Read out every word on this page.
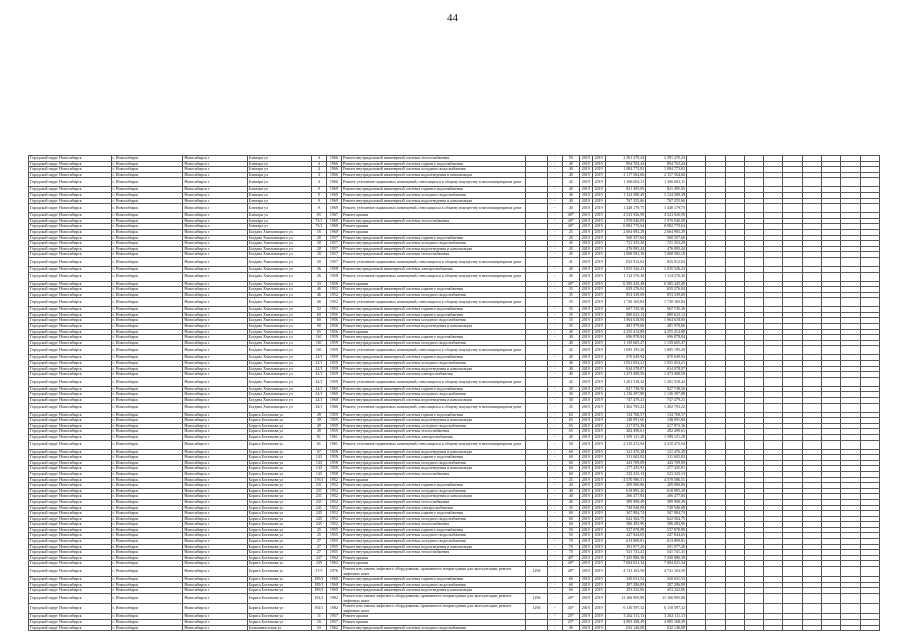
44
Городской округ Новосибирск	г. Новосибирск	Новосибирск г	Блюхера ул	4	1966	Ремонт внутридомовой инженерной системы теплоснабжения		-	50	2019	2019	2 391 270,24	2 391 270,24										
Городской округ Новосибирск	г. Новосибирск	Новосибирск г	Блюхера ул	4	1966	Ремонт внутридомовой инженерной системы горячего водоснабжения		-	40	2019	2019	894 703,44	894 703,44										
Городской округ Новосибирск	г. Новосибирск	Новосибирск г	Блюхера ул	4	1966	Ремонт внутридомовой инженерной системы холодного водоснабжения		-	40	2019	2019	1 084 775,82	1 084 775,82										
Городской округ Новосибирск	г. Новосибирск	Новосибирск г	Блюхера ул	4	1966	Ремонт внутридомовой инженерной системы водоотведения и канализации		-	40	2019	2019	2 117 564,66	2 117 564,66										
Городской округ Новосибирск	г. Новосибирск	Новосибирск г	Блюхера ул	4	1966	Ремонт, утепление подвальных помещений, относящихся к общему имуществу в многоквартирном доме		-	42	2019	2019	1 366 602,11	1 366 602,11										
Городской округ Новосибирск	г. Новосибирск	Новосибирск г	Блюхера ул	9	1969	Ремонт внутридомовой инженерной системы горячего водоснабжения		-	40	2019	2019	821 495,05	821 495,05										
Городской округ Новосибирск	г. Новосибирск	Новосибирск г	Блюхера ул	9	1969	Ремонт внутридомовой инженерной системы холодного водоснабжения		-	40	2019	2019	1 124 588,49	1 124 588,49										
Городской округ Новосибирск	г. Новосибирск	Новосибирск г	Блюхера ул	9	1969	Ремонт внутридомовой инженерной системы водоотведения и канализации		-	40	2019	2019	767 255,66	767 255,66										
Городской округ Новосибирск	г. Новосибирск	Новосибирск г	Блюхера ул	9	1969	Ремонт, утепление подвальных помещений, относящихся к общему имуществу в многоквартирном доме		-	40	2019	2019	1 448 179,75	1 448 179,75										
Городской округ Новосибирск	г. Новосибирск	Новосибирск г	Блюхера ул	65	1967	Ремонт крыши		-	40*	2019	2019	4 523 926,99	4 523 926,99										
Городской округ Новосибирск	г. Новосибирск	Новосибирск г	Блюхера ул	73/1	1968	Ремонт внутридомовой инженерной системы теплоснабжения		-	40*	2019	2019	1 970 940,09	1 970 940,09										
Городской округ Новосибирск	г. Новосибирск	Новосибирск г	Блюхера ул	73/1	1968	Ремонт крыши		-	40*	2019	2019	6 082 770,64	6 082 770,64										
Городской округ Новосибирск	г. Новосибирск	Новосибирск г	Богдана Хмельницкого ул	16	1960	Ремонт крыши		-	25	2019	2019	2 604 983,29	2 604 983,29										
Городской округ Новосибирск	г. Новосибирск	Новосибирск г	Богдана Хмельницкого ул	20	1957	Ремонт внутридомовой инженерной системы горячего водоснабжения		-	45	2019	2019	560 357,60	560 357,60										
Городской округ Новосибирск	г. Новосибирск	Новосибирск г	Богдана Хмельницкого ул	20	1957	Ремонт внутридомовой инженерной системы холодного водоснабжения		-	45	2019	2019	721 353,28	721 353,28										
Городской округ Новосибирск	г. Новосибирск	Новосибирск г	Богдана Хмельницкого ул	20	1957	Ремонт внутридомовой инженерной системы водоотведения и канализации		-	45	2019	2019	476 095,44	476 095,44										
Городской округ Новосибирск	г. Новосибирск	Новосибирск г	Богдана Хмельницкого ул	20	1957	Ремонт внутридомовой инженерной системы теплоснабжения		-	45	2019	2019	1 068 582,10	1 068 582,10										
Городской округ Новосибирск	г. Новосибирск	Новосибирск г	Богдана Хмельницкого ул	20	1957	Ремонт, утепление подвальных помещений, относящихся к общему имуществу в многоквартирном доме		-	41	2019	2019	825 912,63	825 912,63										
Городской округ Новосибирск	г. Новосибирск	Новосибирск г	Богдана Хмельницкого ул	26	1958	Ремонт внутридомовой инженерной системы электроснабжения		-	40	2019	2019	1 035 526,23	1 035 526,23										
Городской округ Новосибирск	г. Новосибирск	Новосибирск г	Богдана Хмельницкого ул	26	1958	Ремонт, утепление подвальных помещений, относящихся к общему имуществу в многоквартирном доме		-	40	2019	2019	1 114 576,30	1 114 576,30										
Городской округ Новосибирск	г. Новосибирск	Новосибирск г	Богдана Хмельницкого ул	33	1958	Ремонт крыши		-	40*	2019	2019	6 385 445,48	6 385 445,48										
Городской округ Новосибирск	г. Новосибирск	Новосибирск г	Богдана Хмельницкого ул	46	1952	Ремонт внутридомовой инженерной системы горячего водоснабжения		-	35	2019	2019	659 276,04	659 276,04										
Городской округ Новосибирск	г. Новосибирск	Новосибирск г	Богдана Хмельницкого ул	46	1952	Ремонт внутридомовой инженерной системы холодного водоснабжения		-	35	2019	2019	853 339,69	853 339,69										
Городской округ Новосибирск	г. Новосибирск	Новосибирск г	Богдана Хмельницкого ул	46	1952	Ремонт, утепление подвальных помещений, относящихся к общему имуществу в многоквартирном доме		-	35	2019	2019	1 730 165,84	1 730 165,84										
Городской округ Новосибирск	г. Новосибирск	Новосибирск г	Богдана Хмельницкого ул	52	1952	Ремонт внутридомовой инженерной системы горячего водоснабжения		-	35	2019	2019	667 745,36	667 745,36										
Городской округ Новосибирск	г. Новосибирск	Новосибирск г	Богдана Хмельницкого ул	60	1956	Ремонт внутридомовой инженерной системы горячего водоснабжения		-	35	2019	2019	880 623,14	880 623,14										
Городской округ Новосибирск	г. Новосибирск	Новосибирск г	Богдана Хмельницкого ул	60	1956	Ремонт внутридомовой инженерной системы холодного водоснабжения		-	35	2019	2019	1 064 618,00	1 064 618,00										
Городской округ Новосибирск	г. Новосибирск	Новосибирск г	Богдана Хмельницкого ул	60	1956	Ремонт внутридомовой инженерной системы водоотведения и канализации		-	35	2019	2019	481 979,06	481 979,06										
Городской округ Новосибирск	г. Новосибирск	Новосибирск г	Богдана Хмельницкого ул	65	1956	Ремонт крыши		-	40	2019	2019	4 255 414,88	4 255 414,88										
Городской округ Новосибирск	г. Новосибирск	Новосибирск г	Богдана Хмельницкого ул	161	1959	Ремонт внутридомовой инженерной системы горячего водоснабжения		-	40	2019	2019	696 878,84	696 878,84										
Городской округ Новосибирск	г. Новосибирск	Новосибирск г	Богдана Хмельницкого ул	161	1959	Ремонт внутридомовой инженерной системы холодного водоснабжения		-	40	2019	2019	1 139 605,47	1 139 605,47										
Городской округ Новосибирск	г. Новосибирск	Новосибирск г	Богдана Хмельницкого ул	161	1959	Ремонт, утепление подвальных помещений, относящихся к общему имуществу в многоквартирном доме		-	42	2019	2019	1 695 195,20	1 695 195,20										
Городской округ Новосибирск	г. Новосибирск	Новосибирск г	Богдана Хмельницкого ул	22/1	1959	Ремонт внутридомовой инженерной системы горячего водоснабжения		-	40	2019	2019	670 649,94	670 649,94										
Городской округ Новосибирск	г. Новосибирск	Новосибирск г	Богдана Хмельницкого ул	22/1	1959	Ремонт внутридомовой инженерной системы холодного водоснабжения		-	40	2019	2019	1 031 054,21	1 031 054,21										
Городской округ Новосибирск	г. Новосибирск	Новосибирск г	Богдана Хмельницкого ул	22/1	1959	Ремонт внутридомовой инженерной системы водоотведения и канализации		-	40	2019	2019	634 078,07	634 078,07										
Городской округ Новосибирск	г. Новосибирск	Новосибирск г	Богдана Хмельницкого ул	22/1	1959	Ремонт внутридомовой инженерной системы электроснабжения		-	40	2019	2019	1 473 408,50	1 473 408,50										
Городской округ Новосибирск	г. Новосибирск	Новосибирск г	Богдана Хмельницкого ул	22/1	1959	Ремонт, утепление подвальных помещений, относящихся к общему имуществу в многоквартирном доме		-	42	2019	2019	1 201 518,42	1 201 518,42										
Городской округ Новосибирск	г. Новосибирск	Новосибирск г	Богдана Хмельницкого ул	24/1	1960	Ремонт внутридомовой инженерной системы горячего водоснабжения		-	30	2019	2019	827 738,56	827 738,56										
Городской округ Новосибирск	г. Новосибирск	Новосибирск г	Богдана Хмельницкого ул	24/1	1960	Ремонт внутридомовой инженерной системы холодного водоснабжения		-	30	2019	2019	1 136 397,88	1 136 397,88										
Городской округ Новосибирск	г. Новосибирск	Новосибирск г	Богдана Хмельницкого ул	24/1	1960	Ремонт внутридомовой инженерной системы водоотведения и канализации		-	30	2019	2019	747 479,21	747 479,21										
Городской округ Новосибирск	г. Новосибирск	Новосибирск г	Богдана Хмельницкого ул	24/1	1960	Ремонт, утепление подвальных помещений, относящихся к общему имуществу в многоквартирном доме		-	45	2019	2019	1 402 793,22	1 402 793,22										
Городской округ Новосибирск	г. Новосибирск	Новосибирск г	Бориса Богаткова ул	49	1959	Ремонт внутридомовой инженерной системы горячего водоснабжения		-	65	2019	2019	134 768,57	134 768,57										
Городской округ Новосибирск	г. Новосибирск	Новосибирск г	Бориса Богаткова ул	49	1959	Ремонт внутридомовой инженерной системы водоотведения и канализации		-	65	2019	2019	148 991,60	148 991,60										
Городской округ Новосибирск	г. Новосибирск	Новосибирск г	Бориса Богаткова ул	49	1959	Ремонт внутридомовой инженерной системы холодного водоснабжения		-	65	2019	2019	217 873,36	217 873,36										
Городской округ Новосибирск	г. Новосибирск	Новосибирск г	Бориса Богаткова ул	49	1959	Ремонт внутридомовой инженерной системы теплоснабжения		-	65	2019	2019	282 498,61	282 498,61										
Городской округ Новосибирск	г. Новосибирск	Новосибирск г	Бориса Богаткова ул	61	1961	Ремонт внутридомовой инженерной системы электроснабжения		-	40	2019	2019	1 399 121,28	1 399 121,28										
Городской округ Новосибирск	г. Новосибирск	Новосибирск г	Бориса Богаткова ул	61	1961	Ремонт, утепление подвальных помещений, относящихся к общему имуществу в многоквартирном доме		-	50	2019	2019	2 310 472,94	2 310 472,94										
Городской округ Новосибирск	г. Новосибирск	Новосибирск г	Бориса Богаткова ул	67	1958	Ремонт внутридомовой инженерной системы водоотведения и канализации		-	60	2019	2019	121 476,28	121 476,28										
Городской округ Новосибирск	г. Новосибирск	Новосибирск г	Бориса Богаткова ул	143	1958	Ремонт внутридомовой инженерной системы горячего водоснабжения		-	60	2019	2019	311 602,82	311 602,82										
Городской округ Новосибирск	г. Новосибирск	Новосибирск г	Бориса Богаткова ул	143	1958	Ремонт внутридомовой инженерной системы холодного водоснабжения		-	60	2019	2019	443 709,09	443 709,09										
Городской округ Новосибирск	г. Новосибирск	Новосибирск г	Бориса Богаткова ул	143	1958	Ремонт внутридомовой инженерной системы водоотведения и канализации		-	60	2019	2019	277 435,91	277 435,91										
Городской округ Новосибирск	г. Новосибирск	Новосибирск г	Бориса Богаткова ул	143	1958	Ремонт внутридомовой инженерной системы теплоснабжения		-	60	2019	2019	523 323,13	523 323,13										
Городской округ Новосибирск	г. Новосибирск	Новосибирск г	Бориса Богаткова ул	176/1	1952	Ремонт крыши		-	25	2019	2019	4 570 586,51	4 570 586,51										
Городской округ Новосибирск	г. Новосибирск	Новосибирск г	Бориса Богаткова ул	231	1952	Ремонт внутридомовой инженерной системы горячего водоснабжения		-	40	2019	2019	209 080,86	209 080,86										
Городской округ Новосибирск	г. Новосибирск	Новосибирск г	Бориса Богаткова ул	231	1952	Ремонт внутридомовой инженерной системы холодного водоснабжения		-	40	2019	2019	618 895,20	618 895,20										
Городской округ Новосибирск	г. Новосибирск	Новосибирск г	Бориса Богаткова ул	231	1952	Ремонт внутридомовой инженерной системы водоотведения и канализации		-	40	2019	2019	266 477,84	266 477,84										
Городской округ Новосибирск	г. Новосибирск	Новосибирск г	Бориса Богаткова ул	231	1952	Ремонт внутридомовой инженерной системы теплоснабжения		-	40	2019	2019	389 998,49	389 998,49										
Городской округ Новосибирск	г. Новосибирск	Новосибирск г	Бориса Богаткова ул	241	1952	Ремонт внутридомовой инженерной системы электроснабжения		-	45	2019	2019	749 940,08	749 940,08										
Городской округ Новосибирск	г. Новосибирск	Новосибирск г	Бориса Богаткова ул	245	1952	Ремонт внутридомовой инженерной системы горячего водоснабжения		-	60	2019	2019	307 884,74	307 884,74										
Городской округ Новосибирск	г. Новосибирск	Новосибирск г	Бориса Богаткова ул	245	1952	Ремонт внутридомовой инженерной системы холодного водоснабжения		-	60	2019	2019	622 564,75	622 564,75										
Городской округ Новосибирск	г. Новосибирск	Новосибирск г	Бориса Богаткова ул	245	1952	Ремонт внутридомовой инженерной системы теплоснабжения		-	60	2019	2019	386 483,96	386 483,96										
Городской округ Новосибирск	г. Новосибирск	Новосибирск г	Бориса Богаткова ул	25	1955	Ремонт внутридомовой инженерной системы горячего водоснабжения		-	50	2019	2019	537 878,88	537 878,88										
Городской округ Новосибирск	г. Новосибирск	Новосибирск г	Бориса Богаткова ул	25	1955	Ремонт внутридомовой инженерной системы холодного водоснабжения		-	50	2019	2019	247 844,65	247 844,65										
Городской округ Новосибирск	г. Новосибирск	Новосибирск г	Бориса Богаткова ул	27	1955	Ремонт внутридомовой инженерной системы холодного водоснабжения		-	70	2019	2019	613 869,81	613 869,81										
Городской округ Новосибирск	г. Новосибирск	Новосибирск г	Бориса Богаткова ул	27	1955	Ремонт внутридомовой инженерной системы водоотведения и канализации		-	70	2019	2019	391 977,26	391 977,26										
Городской округ Новосибирск	г. Новосибирск	Новосибирск г	Бориса Богаткова ул	27	1955	Ремонт внутридомовой инженерной системы теплоснабжения		-	70	2019	2019	541 741,41	541 741,41										
Городской округ Новосибирск	г. Новосибирск	Новосибирск г	Бориса Богаткова ул	247	1962	Ремонт крыши		-	40*	2019	2019	7 450 886,38	7 450 886,38										
Городской округ Новосибирск	г. Новосибирск	Новосибирск г	Бориса Богаткова ул	249	1962	Ремонт крыши		-	40*	2019	2019	7 684 021,34	7 684 021,34										
Городской округ Новосибирск	г. Новосибирск	Новосибирск г	Бориса Богаткова ул	17/5	1976	Ремонт или замена лифтового оборудования, признанного непригодным для эксплуатации, ремонт лифтовых шахт	1294	-	40*	2019	2019	4 721 163,50	4 721 163,50										
Городской округ Новосибирск	г. Новосибирск	Новосибирск г	Бориса Богаткова ул	189/1	1960	Ремонт внутридомовой инженерной системы горячего водоснабжения		-	60	2019	2019	320 031,52	320 031,52										
Городской округ Новосибирск	г. Новосибирск	Новосибирск г	Бориса Богаткова ул	189/1	1960	Ремонт внутридомовой инженерной системы холодного водоснабжения		-	60	2019	2019	297 286,89	297 286,89										
Городской округ Новосибирск	г. Новосибирск	Новосибирск г	Бориса Богаткова ул	189/1	1960	Ремонт внутридомовой инженерной системы водоотведения и канализации		-	60	2019	2019	453 322,86	453 322,86										
Городской округ Новосибирск	г. Новосибирск	Новосибирск г	Бориса Богаткова ул	192/1	1982	Ремонт или замена лифтового оборудования, признанного непригодным для эксплуатации, ремонт лифтовых шахт	1294	-	40*	2019	2019	11 166 905,80	11 166 905,80										
Городской округ Новосибирск	г. Новосибирск	Новосибирск г	Бориса Богаткова ул	192/1	1982	Ремонт или замена лифтового оборудования, признанного непригодным для эксплуатации, ремонт лифтовых шахт	1294	-	40*	2019	2019	6 110 597,32	6 110 597,32										
Городской округ Новосибирск	г. Новосибирск	Новосибирск г	Бориса Богаткова ул	11	1957	Ремонт крыши		-	25*	2019	2019	3 262 111,13	3 262 111,13										
Городской округ Новосибирск	г. Новосибирск	Новосибирск г	Бориса Богаткова ул	16	1957	Ремонт крыши		-	25*	2019	2019	4 905 168,49	4 905 168,49										
Городской округ Новосибирск	г. Новосибирск	Новосибирск г	Большевистская ул	33	1962	Ремонт внутридомовой инженерной системы холодного водоснабжения		-	40	2019	2019	632 146,08	632 146,08										
